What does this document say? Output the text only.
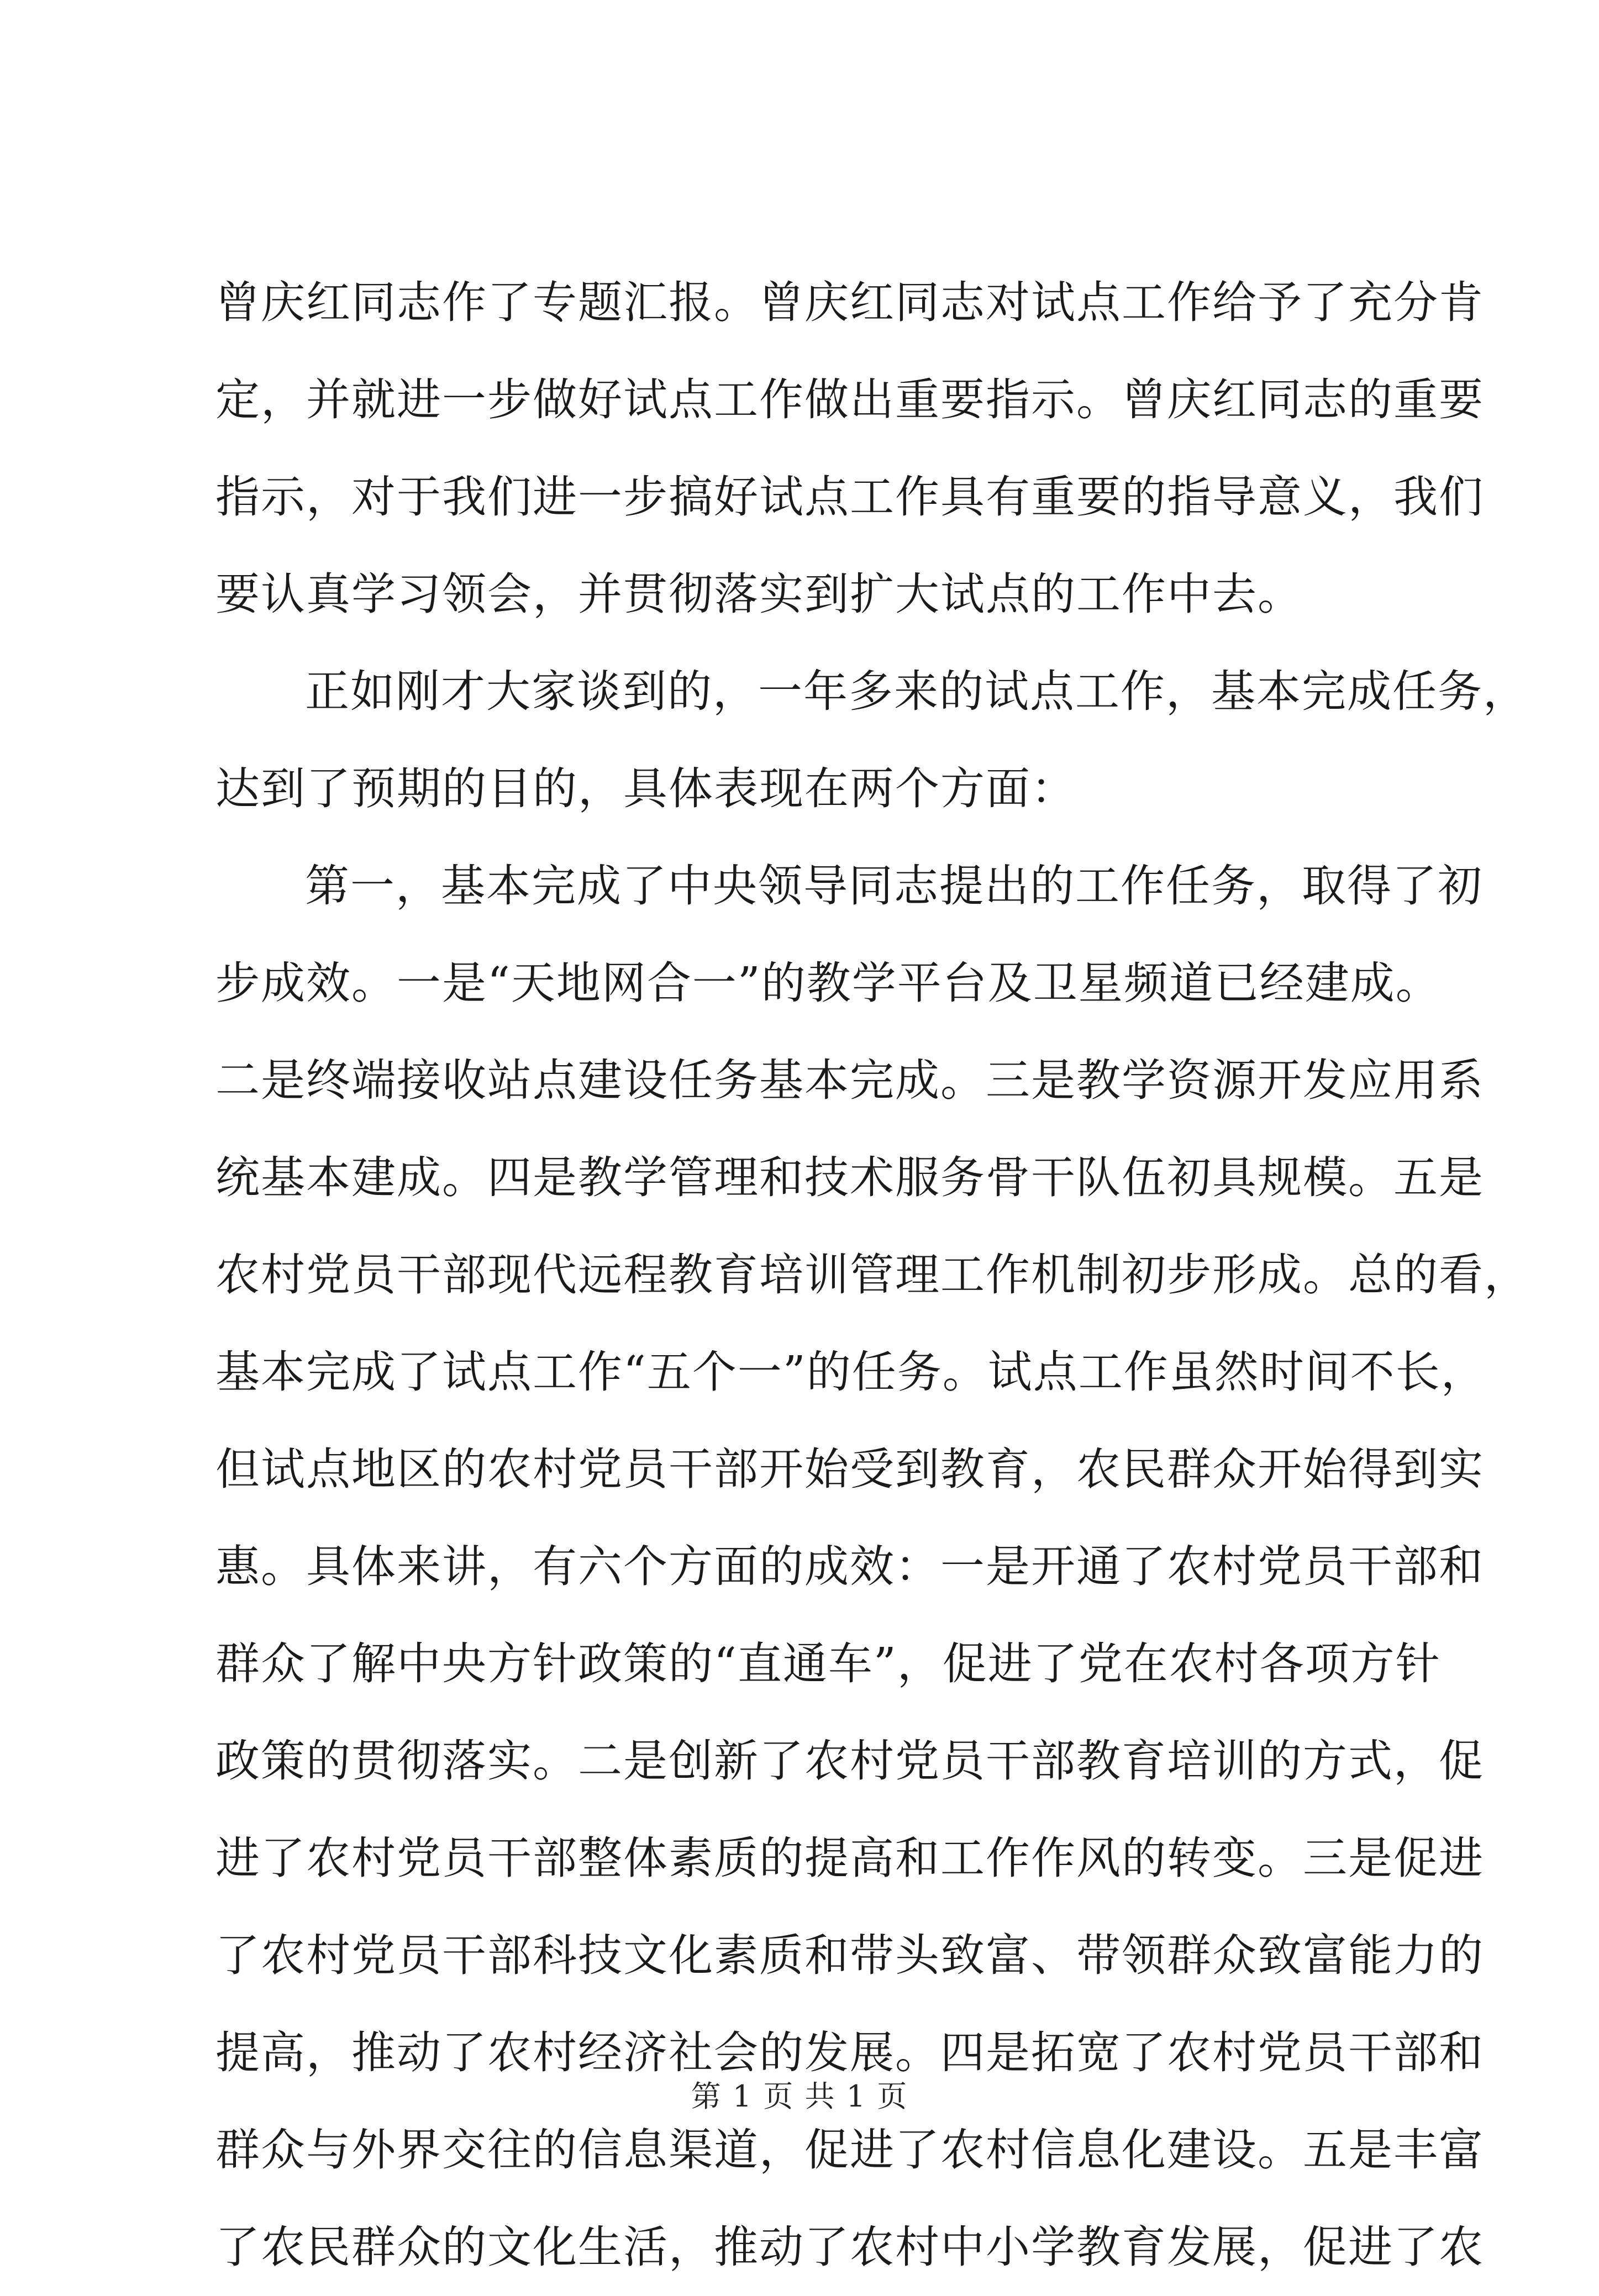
曾庆红同志作了专题汇报。曾庆红同志对试点工作给予了充分肯
定，并就进一步做好试点工作做出重要指示。曾庆红同志的重要
指示，对于我们进一步搞好试点工作具有重要的指导意义，我们
要认真学习领会，并贯彻落实到扩大试点的工作中去。
正如刚才大家谈到的，一年多来的试点工作，基本完成任务，
达到了预期的目的，具体表现在两个方面：
第一，基本完成了中央领导同志提出的工作任务，取得了初
步成效。一是“天地网合一”的教学平台及卫星频道已经建成。
二是终端接收站点建设任务基本完成。三是教学资源开发应用系
统基本建成。四是教学管理和技术服务骨干队伍初具规模。五是
农村党员干部现代远程教育培训管理工作机制初步形成。总的看，
基本完成了试点工作“五个一”的任务。试点工作虽然时间不长，
但试点地区的农村党员干部开始受到教育，农民群众开始得到实
惠。具体来讲，有六个方面的成效：一是开通了农村党员干部和
群众了解中央方针政策的“直通车”，促进了党在农村各项方针
政策的贯彻落实。二是创新了农村党员干部教育培训的方式，促
进了农村党员干部整体素质的提高和工作作风的转变。三是促进
了农村党员干部科技文化素质和带头致富、带领群众致富能力的
提高，推动了农村经济社会的发展。四是拓宽了农村党员干部和
群众与外界交往的信息渠道，促进了农村信息化建设。五是丰富
了农民群众的文化生活，推动了农村中小学教育发展，促进了农
第 1 页 共 1 页
